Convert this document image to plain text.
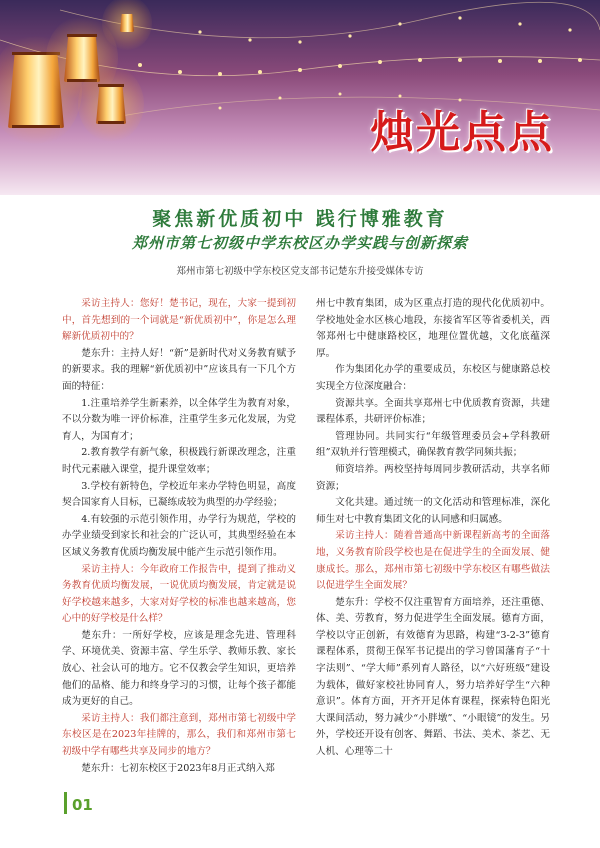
烛光点点
聚焦新优质初中 践行博雅教育
郑州市第七初级中学东校区办学实践与创新探索
郑州市第七初级中学东校区党支部书记楚东升接受媒体专访

采访主持人：您好！楚书记，现在，大家一提到初中，首先想到的一个词就是“新优质初中”，你是怎么理解新优质初中的？

楚东升：主持人好！“新”是新时代对义务教育赋予的新要求。我的理解“新优质初中”应该具有一下几个方面的特征：

1.注重培养学生新素养，以全体学生为教育对象，不以分数为唯一评价标准，注重学生多元化发展，为党育人，为国育才；

2.教育教学有新气象，积极践行新课改理念，注重时代元素融入课堂，提升课堂效率；

3.学校有新特色，学校近年来办学特色明显，高度契合国家育人目标，已凝练成较为典型的办学经验；

4.有较强的示范引领作用，办学行为规范，学校的办学业绩受到家长和社会的广泛认可，其典型经验在本区域义务教育优质均衡发展中能产生示范引领作用。

采访主持人：今年政府工作报告中，提到了推动义务教育优质均衡发展，一说优质均衡发展，肯定就是说好学校越来越多，大家对好学校的标准也越来越高，您心中的好学校是什么样？

楚东升：一所好学校，应该是理念先进、管理科学、环境优美、资源丰富、学生乐学、教师乐教、家长放心、社会认可的地方。它不仅教会学生知识，更培养他们的品格、能力和终身学习的习惯，让每个孩子都能成为更好的自己。

采访主持人：我们都注意到，郑州市第七初级中学东校区是在2023年挂牌的，那么，我们和郑州市第七初级中学有哪些共享及同步的地方？

楚东升：七初东校区于2023年8月正式纳入郑

州七中教育集团，成为区重点打造的现代化优质初中。学校地处金水区核心地段，东接省军区等省委机关，西邻郑州七中健康路校区，地理位置优越，文化底蕴深厚。

作为集团化办学的重要成员，东校区与健康路总校实现全方位深度融合：

资源共享。全面共享郑州七中优质教育资源，共建课程体系，共研评价标准；

管理协同。共同实行“年级管理委员会+学科教研组”双轨并行管理模式，确保教育教学同频共振；

师资培养。两校坚持每周同步教研活动，共享名师资源；

文化共建。通过统一的文化活动和管理标准，深化师生对七中教育集团文化的认同感和归属感。

采访主持人：随着普通高中新课程新高考的全面落地，义务教育阶段学校也是在促进学生的全面发展、健康成长。那么，郑州市第七初级中学东校区有哪些做法以促进学生全面发展？

楚东升：学校不仅注重智育方面培养，还注重德、体、美、劳教育，努力促进学生全面发展。德育方面，学校以守正创新，有效德育为思路，构建“3-2-3”德育课程体系，贯彻王保军书记提出的学习曾国藩育子“十字法则”、“学大师”系列育人路径，以“六好班级”建设为载体，做好家校社协同育人，努力培养好学生“六种意识”。体育方面，开齐开足体育课程，探索特色阳光大课间活动，努力减少“小胖墩”、“小眼镜”的发生。另外，学校还开设有创客、舞蹈、书法、美术、茶艺、无人机、心理等二十

01
